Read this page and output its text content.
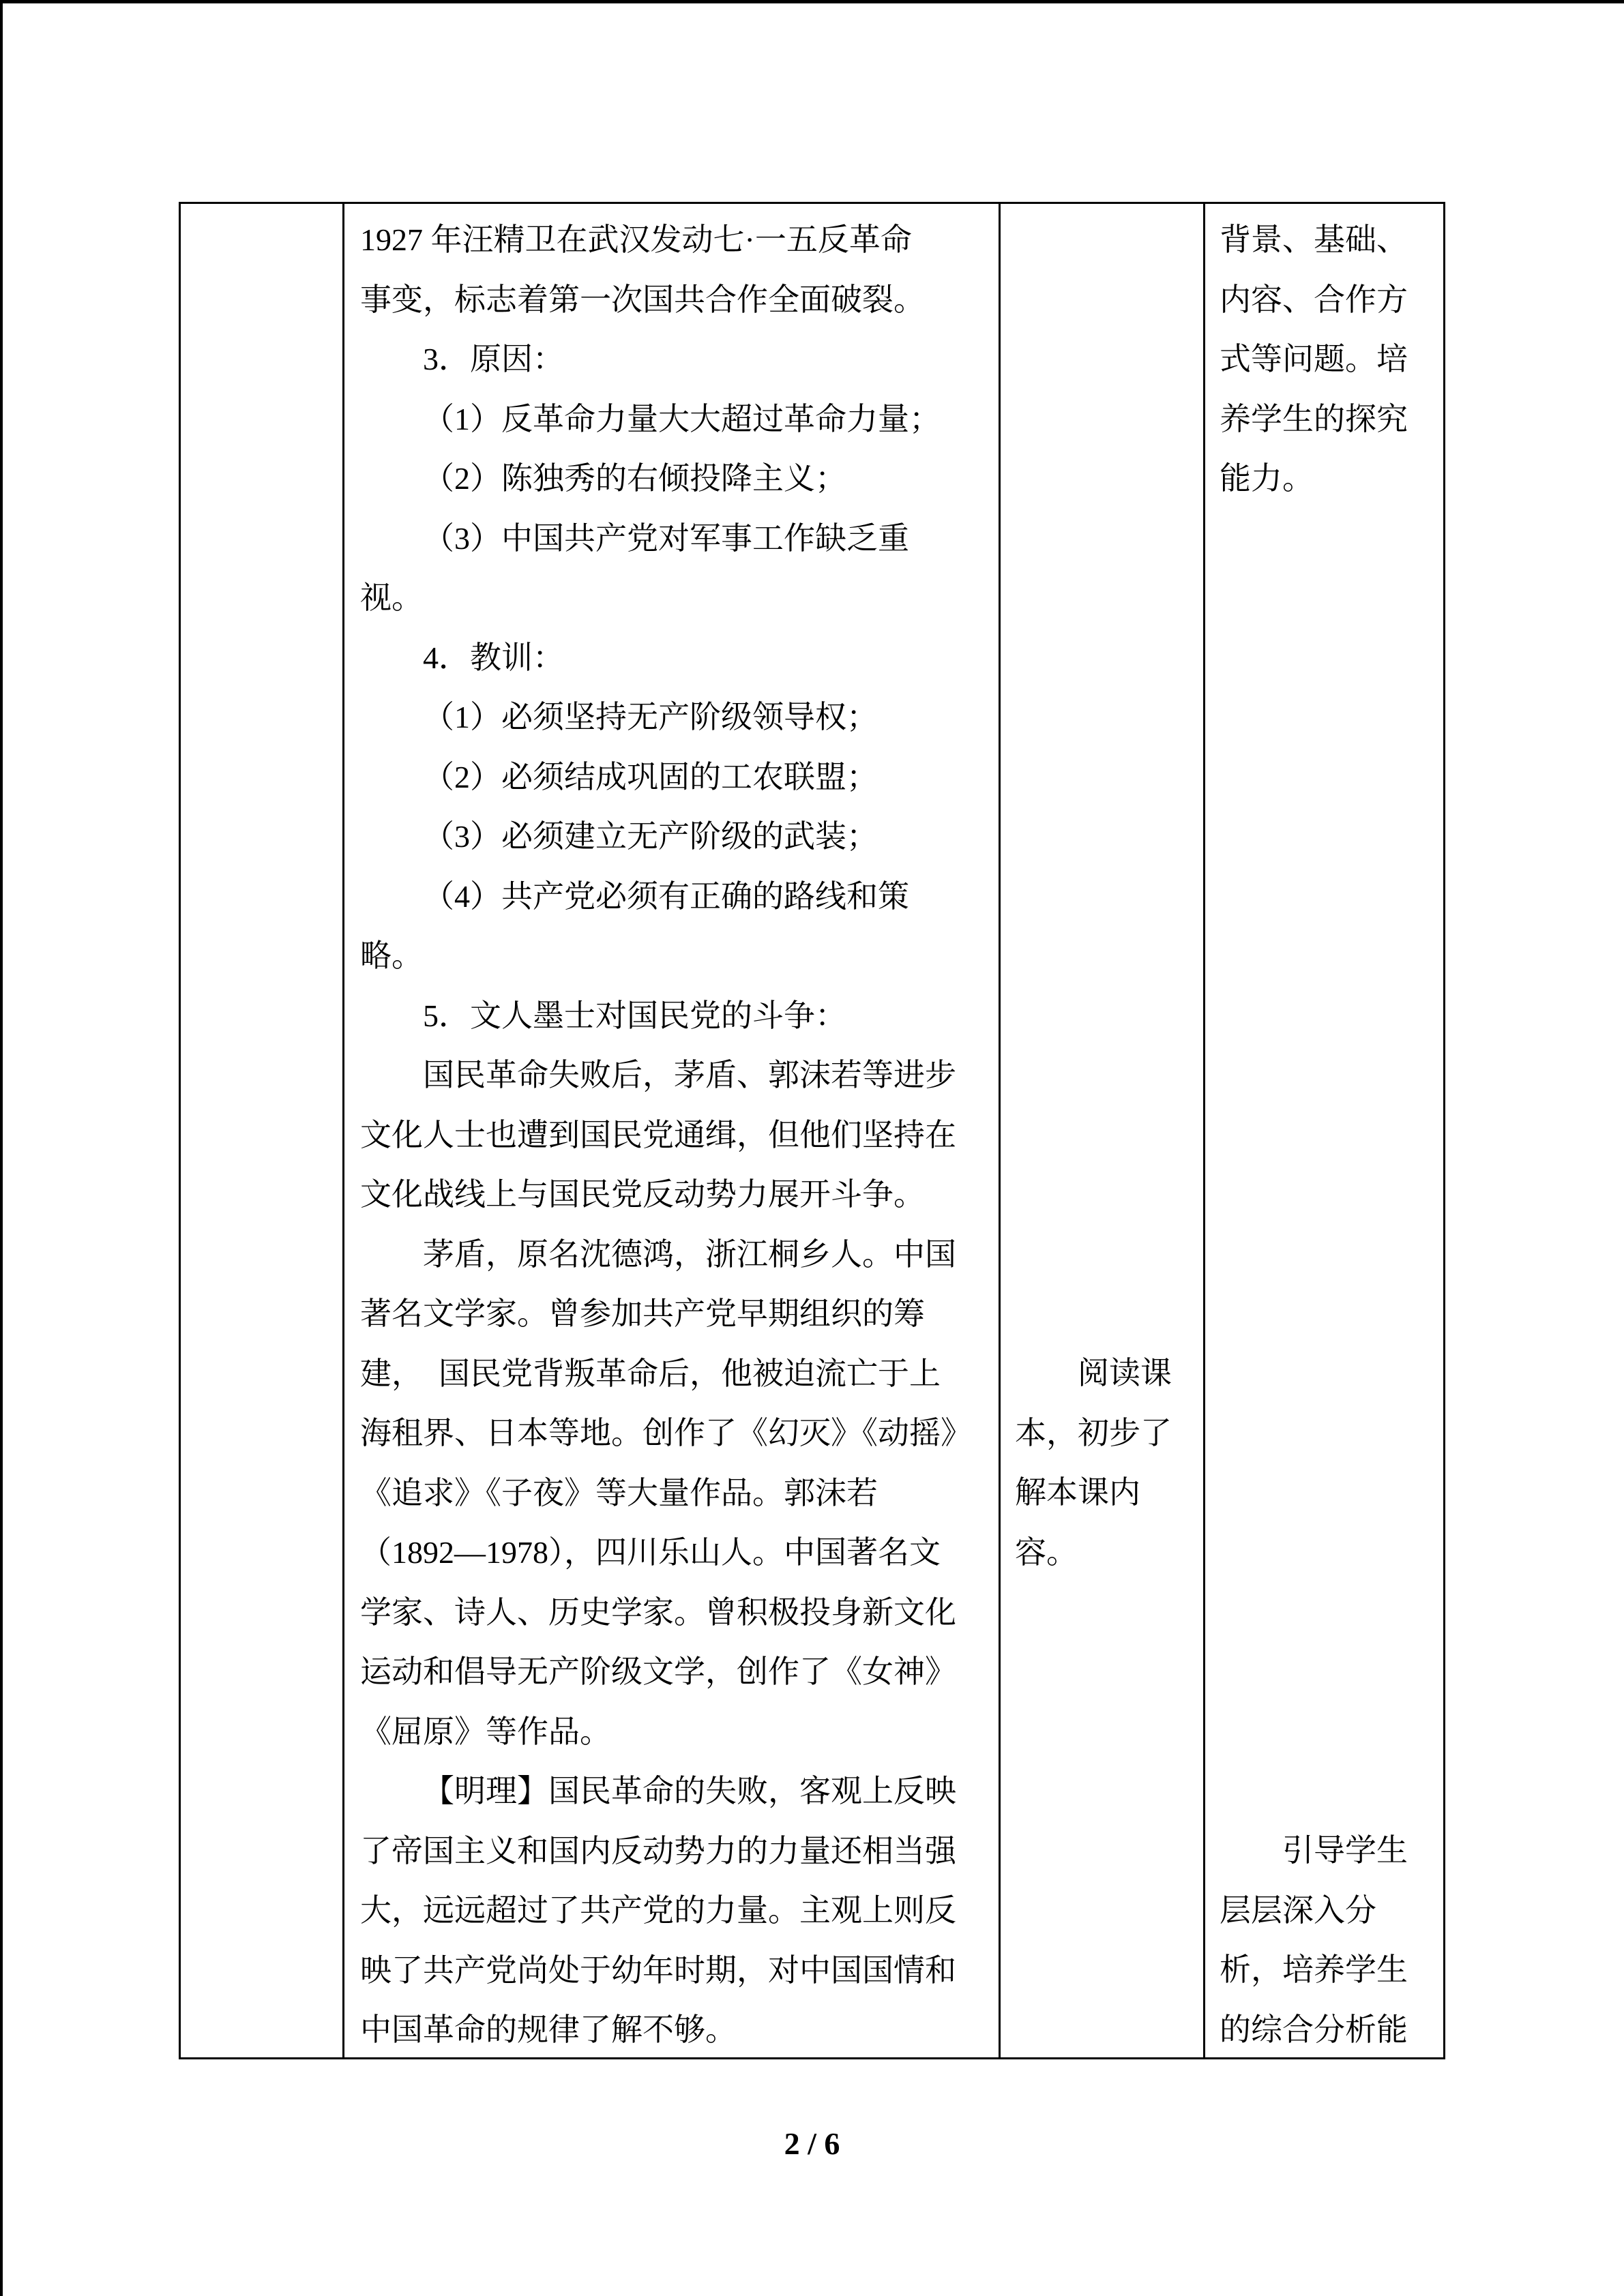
1927 年汪精卫在武汉发动七·一五反革命
事变，标志着第一次国共合作全面破裂。
3．原因：
（1）反革命力量大大超过革命力量；
（2）陈独秀的右倾投降主义；
（3）中国共产党对军事工作缺乏重
视。
4．教训：
（1）必须坚持无产阶级领导权；
（2）必须结成巩固的工农联盟；
（3）必须建立无产阶级的武装；
（4）共产党必须有正确的路线和策
略。
5．文人墨士对国民党的斗争：
国民革命失败后，茅盾、郭沫若等进步
文化人士也遭到国民党通缉，但他们坚持在
文化战线上与国民党反动势力展开斗争。
茅盾，原名沈德鸿，浙江桐乡人。中国
著名文学家。曾参加共产党早期组织的筹
建，　国民党背叛革命后，他被迫流亡于上
海租界、日本等地。创作了《幻灭》《动摇》
《追求》《子夜》等大量作品。郭沫若
（1892—1978），四川乐山人。中国著名文
学家、诗人、历史学家。曾积极投身新文化
运动和倡导无产阶级文学，创作了《女神》
《屈原》等作品。
【明理】国民革命的失败，客观上反映
了帝国主义和国内反动势力的力量还相当强
大，远远超过了共产党的力量。主观上则反
映了共产党尚处于幼年时期，对中国国情和
中国革命的规律了解不够。
阅读课
本，初步了
解本课内
容。
背景、基础、
内容、合作方
式等问题。培
养学生的探究
能力。
引导学生
层层深入分
析，培养学生
的综合分析能
2 / 6
